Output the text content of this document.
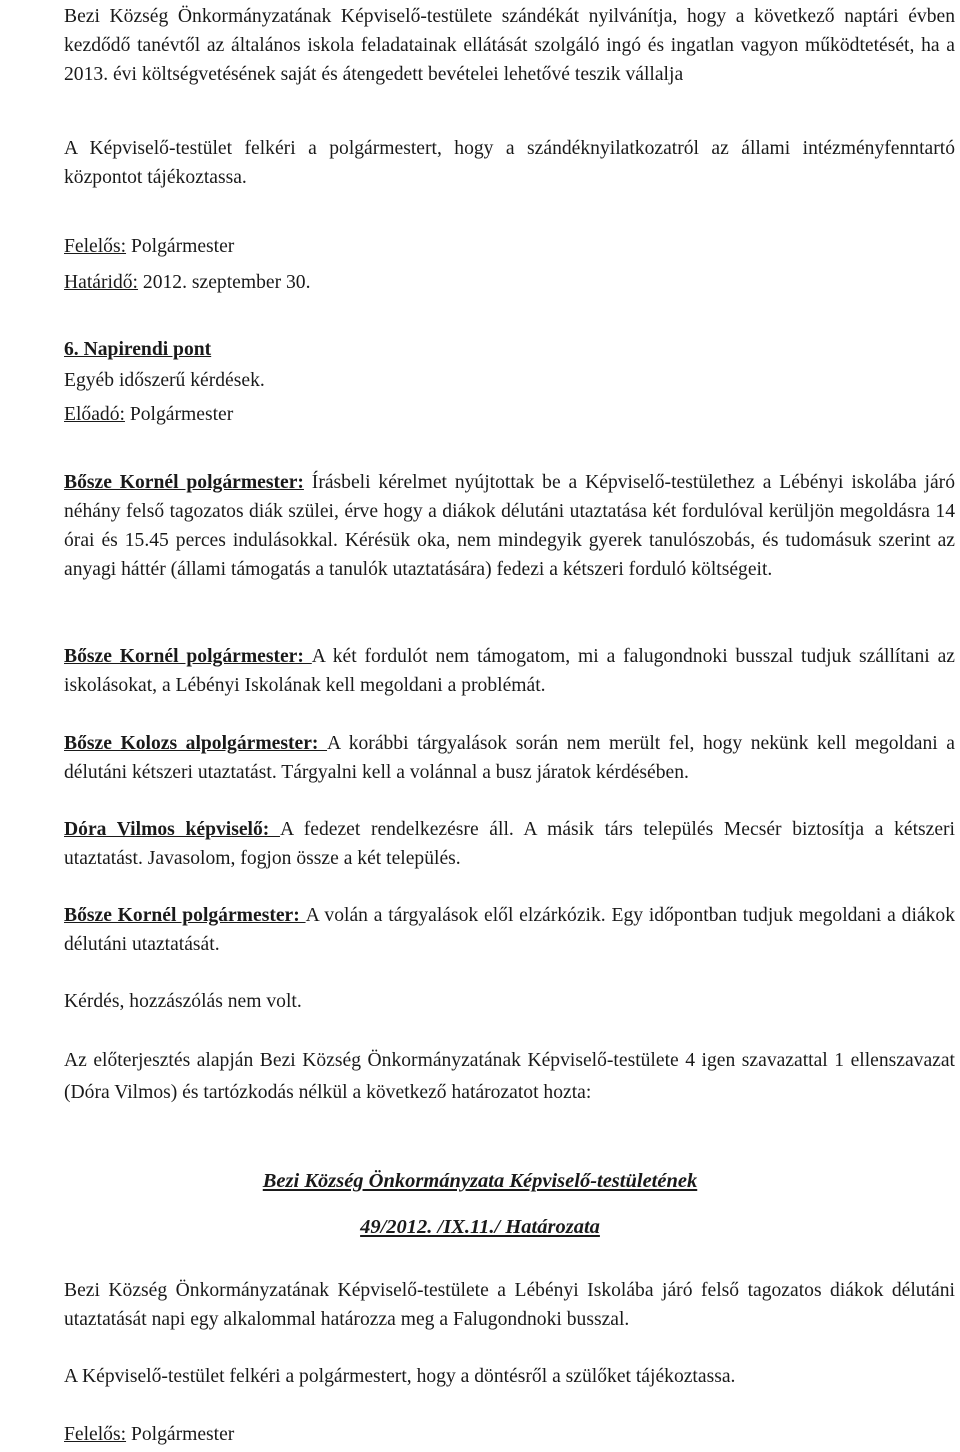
Bezi Község Önkormányzatának Képviselő-testülete szándékát nyilvánítja, hogy a következő naptári évben kezdődő tanévtől az általános iskola feladatainak ellátását szolgáló ingó és ingatlan vagyon működtetését, ha a 2013. évi költségvetésének saját és átengedett bevételei lehetővé teszik vállalja
A Képviselő-testület felkéri a polgármestert, hogy a szándéknyilatkozatról az állami intézményfenntartó központot tájékoztassa.
Felelős: Polgármester
Határidő: 2012. szeptember 30.
6. Napirendi pont
Egyéb időszerű kérdések.
Előadó: Polgármester
Bősze Kornél polgármester: Írásbeli kérelmet nyújtottak be a Képviselő-testülethez a Lébényi iskolába járó néhány felső tagozatos diák szülei, érve hogy a diákok délutáni utaztatása két fordulóval kerüljön megoldásra 14 órai és 15.45 perces indulásokkal. Kérésük oka, nem mindegyik gyerek tanulószobás, és tudomásuk szerint az anyagi háttér (állami támogatás a tanulók utaztatására) fedezi a kétszeri forduló költségeit.
Bősze Kornél polgármester: A két fordulót nem támogatom, mi a falugondnoki busszal tudjuk szállítani az iskolásokat, a Lébényi Iskolának kell megoldani a problémát.
Bősze Kolozs alpolgármester: A korábbi tárgyalások során nem merült fel, hogy nekünk kell megoldani a délutáni kétszeri utaztatást. Tárgyalni kell a volánnal a busz járatok kérdésében.
Dóra Vilmos képviselő: A fedezet rendelkezésre áll. A másik társ település Mecsér biztosítja a kétszeri utaztatást. Javasolom, fogjon össze a két település.
Bősze Kornél polgármester: A volán a tárgyalások elől elzárkózik. Egy időpontban tudjuk megoldani a diákok délutáni utaztatását.
Kérdés, hozzászólás nem volt.
Az előterjesztés alapján Bezi Község Önkormányzatának Képviselő-testülete 4 igen szavazattal 1 ellenszavazat (Dóra Vilmos) és tartózkodás nélkül a következő határozatot hozta:
Bezi Község Önkormányzata Képviselő-testületének
49/2012. /IX.11./ Határozata
Bezi Község Önkormányzatának Képviselő-testülete a Lébényi Iskolába járó felső tagozatos diákok délutáni utaztatását napi egy alkalommal határozza meg a Falugondnoki busszal.
A Képviselő-testület felkéri a polgármestert, hogy a döntésről a szülőket tájékoztassa.
Felelős: Polgármester
